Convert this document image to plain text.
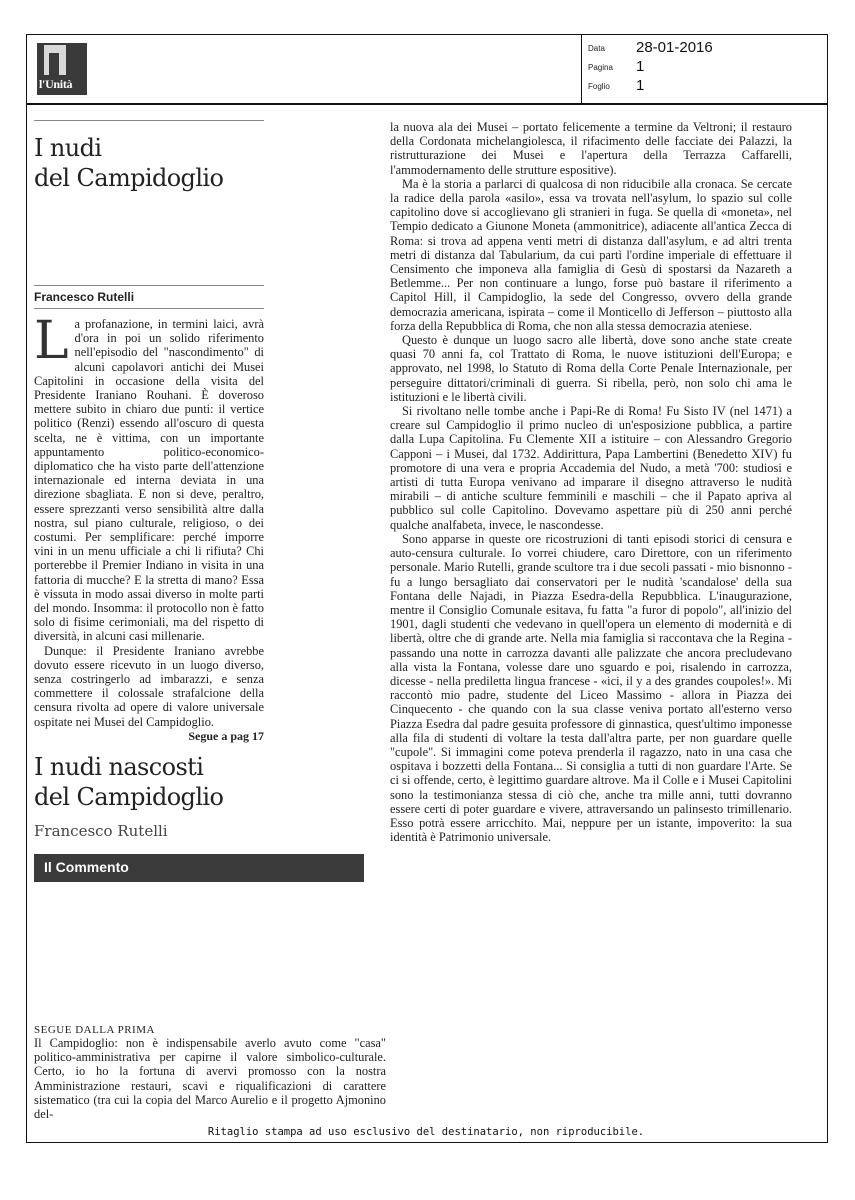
l'Unità
Data 28-01-2016
Pagina 1
Foglio 1
I nudi
del Campidoglio
Francesco Rutelli
L a profanazione, in termini laici, avrà d'ora in poi un solido riferimento nell'episodio del "nascondimento" di alcuni capolavori antichi dei Musei Capitolini in occasione della visita del Presidente Iraniano Rouhani. È doveroso mettere subito in chiaro due punti: il vertice politico (Renzi) essendo all'oscuro di questa scelta, ne è vittima, con un importante appuntamento politico-economico-diplomatico che ha visto parte dell'attenzione internazionale ed interna deviata in una direzione sbagliata. E non si deve, peraltro, essere sprezzanti verso sensibilità altre dalla nostra, sul piano culturale, religioso, o dei costumi. Per semplificare: perché imporre vini in un menu ufficiale a chi li rifiuta? Chi porterebbe il Premier Indiano in visita in una fattoria di mucche? E la stretta di mano? Essa è vissuta in modo assai diverso in molte parti del mondo. Insomma: il protocollo non è fatto solo di fisime cerimoniali, ma del rispetto di diversità, in alcuni casi millenarie.

Dunque: il Presidente Iraniano avrebbe dovuto essere ricevuto in un luogo diverso, senza costringerlo ad imbarazzi, e senza commettere il colossale strafalcione della censura rivolta ad opere di valore universale ospitate nei Musei del Campidoglio.

Segue a pag 17
I nudi nascosti
del Campidoglio
Francesco Rutelli
Il Commento
SEGUE DALLA PRIMA

Il Campidoglio: non è indispensabile averlo avuto come "casa" politico-amministrativa per capirne il valore simbolico-culturale. Certo, io ho la fortuna di avervi promosso con la nostra Amministrazione restauri, scavi e riqualificazioni di carattere sistematico (tra cui la copia del Marco Aurelio e il progetto Ajmonino del-

la nuova ala dei Musei – portato felicemente a termine da Veltroni; il restauro della Cordonata michelangiolesca, il rifacimento delle facciate dei Palazzi, la ristrutturazione dei Musei e l'apertura della Terrazza Caffarelli, l'ammodernamento delle strutture espositive).

Ma è la storia a parlarci di qualcosa di non riducibile alla cronaca. Se cercate la radice della parola «asilo», essa va trovata nell'asylum, lo spazio sul colle capitolino dove si accoglievano gli stranieri in fuga. Se quella di «moneta», nel Tempio dedicato a Giunone Moneta (ammonitrice), adiacente all'antica Zecca di Roma: si trova ad appena venti metri di distanza dall'asylum, e ad altri trenta metri di distanza dal Tabularium, da cui partì l'ordine imperiale di effettuare il Censimento che imponeva alla famiglia di Gesù di spostarsi da Nazareth a Betlemme... Per non continuare a lungo, forse può bastare il riferimento a Capitol Hill, il Campidoglio, la sede del Congresso, ovvero della grande democrazia americana, ispirata – come il Monticello di Jefferson – piuttosto alla forza della Repubblica di Roma, che non alla stessa democrazia ateniese.

Questo è dunque un luogo sacro alle libertà, dove sono anche state create quasi 70 anni fa, col Trattato di Roma, le nuove istituzioni dell'Europa; e approvato, nel 1998, lo Statuto di Roma della Corte Penale Internazionale, per perseguire dittatori/criminali di guerra. Si ribella, però, non solo chi ama le istituzioni e le libertà civili.

Si rivoltano nelle tombe anche i Papi-Re di Roma! Fu Sisto IV (nel 1471) a creare sul Campidoglio il primo nucleo di un'esposizione pubblica, a partire dalla Lupa Capitolina. Fu Clemente XII a istituire – con Alessandro Gregorio Capponi – i Musei, dal 1732. Addirittura, Papa Lambertini (Benedetto XIV) fu promotore di una vera e propria Accademia del Nudo, a metà '700: studiosi e artisti di tutta Europa venivano ad imparare il disegno attraverso le nudità mirabili – di antiche sculture femminili e maschili – che il Papato apriva al pubblico sul colle Capitolino. Dovevamo aspettare più di 250 anni perché qualche analfabeta, invece, le nascondesse.

Sono apparse in queste ore ricostruzioni di tanti episodi storici di censura e auto-censura culturale. Io vorrei chiudere, caro Direttore, con un riferimento personale. Mario Rutelli, grande scultore tra i due secoli passati - mio bisnonno - fu a lungo bersagliato dai conservatori per le nudità 'scandalose' della sua Fontana delle Najadi, in Piazza Esedra-della Repubblica. L'inaugurazione, mentre il Consiglio Comunale esitava, fu fatta "a furor di popolo", all'inizio del 1901, dagli studenti che vedevano in quell'opera un elemento di modernità e di libertà, oltre che di grande arte. Nella mia famiglia si raccontava che la Regina - passando una notte in carrozza davanti alle palizzate che ancora precludevano alla vista la Fontana, volesse dare uno sguardo e poi, risalendo in carrozza, dicesse - nella prediletta lingua francese - «ici, il y a des grandes coupoles!». Mi raccontò mio padre, studente del Liceo Massimo - allora in Piazza dei Cinquecento - che quando con la sua classe veniva portato all'esterno verso Piazza Esedra dal padre gesuita professore di ginnastica, quest'ultimo imponesse alla fila di studenti di voltare la testa dall'altra parte, per non guardare quelle "cupole". Si immagini come poteva prenderla il ragazzo, nato in una casa che ospitava i bozzetti della Fontana... Si consiglia a tutti di non guardare l'Arte. Se ci si offende, certo, è legittimo guardare altrove. Ma il Colle e i Musei Capitolini sono la testimonianza stessa di ciò che, anche tra mille anni, tutti dovranno essere certi di poter guardare e vivere, attraversando un palinsesto trimillenario. Esso potrà essere arricchito. Mai, neppure per un istante, impoverito: la sua identità è Patrimonio universale.

Ritaglio stampa ad uso esclusivo del destinatario, non riproducibile.
